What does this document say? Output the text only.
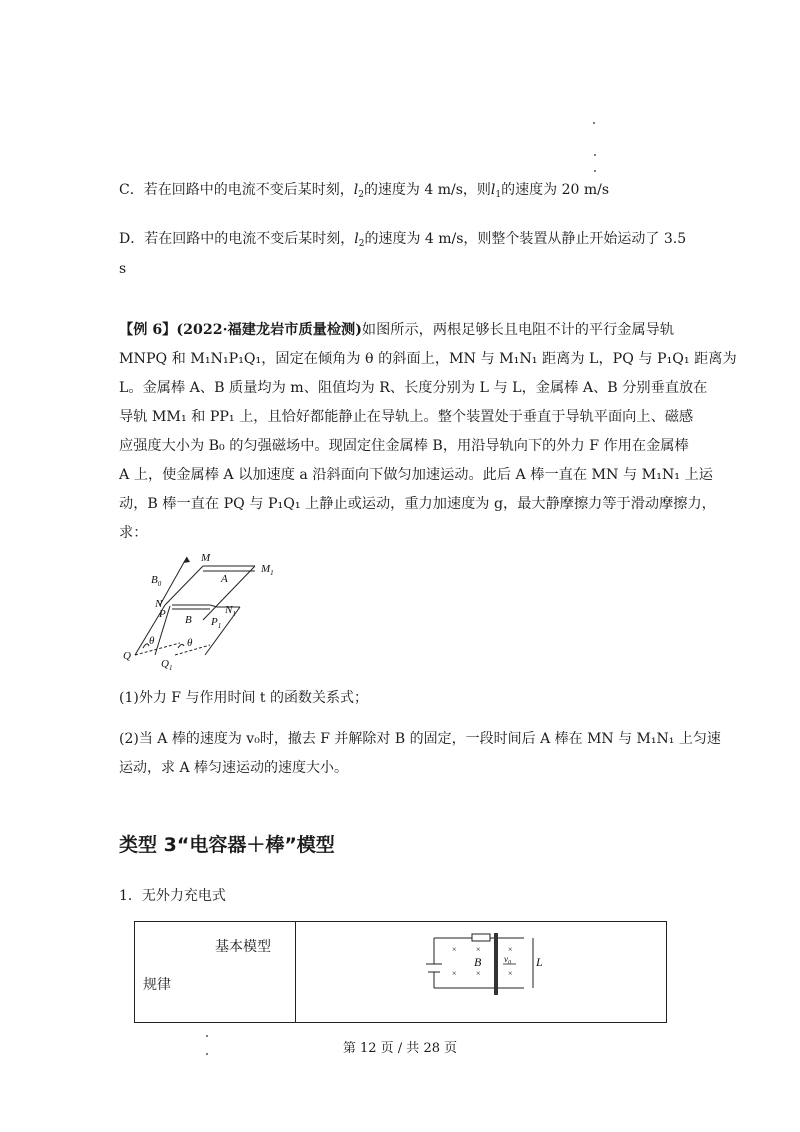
C．若在回路中的电流不变后某时刻，$l_2$的速度为 4 m/s，则$l_1$的速度为 20 m/s
D．若在回路中的电流不变后某时刻，$l_2$的速度为 4 m/s，则整个装置从静止开始运动了 3.5
s

【例 6】(2022·福建龙岩市质量检测)如图所示，两根足够长且电阻不计的平行金属导轨

MNPQ 和 M₁N₁P₁Q₁，固定在倾角为 θ 的斜面上，MN 与 M₁N₁ 距离为 L，PQ 与 P₁Q₁ 距离为

L。金属棒 A、B 质量均为 m、阻值均为 R、长度分别为 L 与 L，金属棒 A、B 分别垂直放在

导轨 MM₁ 和 PP₁ 上，且恰好都能静止在导轨上。整个装置处于垂直于导轨平面向上、磁感

应强度大小为 B₀ 的匀强磁场中。现固定住金属棒 B，用沿导轨向下的外力 F 作用在金属棒

A 上，使金属棒 A 以加速度 a 沿斜面向下做匀加速运动。此后 A 棒一直在 MN 与 M₁N₁ 上运

动，B 棒一直在 PQ 与 P₁Q₁ 上静止或运动，重力加速度为 g，最大静摩擦力等于滑动摩擦力，

求：

M
$M_1$
A
$B_0$
N
P B
$N_1$
$P_1$
θ	θ
Q
$Q_1$
(1)外力 F 与作用时间 t 的函数关系式；
(2)当 A 棒的速度为 v₀时，撤去 F 并解除对 B 的固定，一段时间后 A 棒在 MN 与 M₁N₁ 上匀速
运动，求 A 棒匀速运动的速度大小。
类型 3“电容器＋棒”模型
1．无外力充电式
基本模型
规律

× ×	×
× ×	×
B	$v_0$ L
第 12 页 / 共 28 页
